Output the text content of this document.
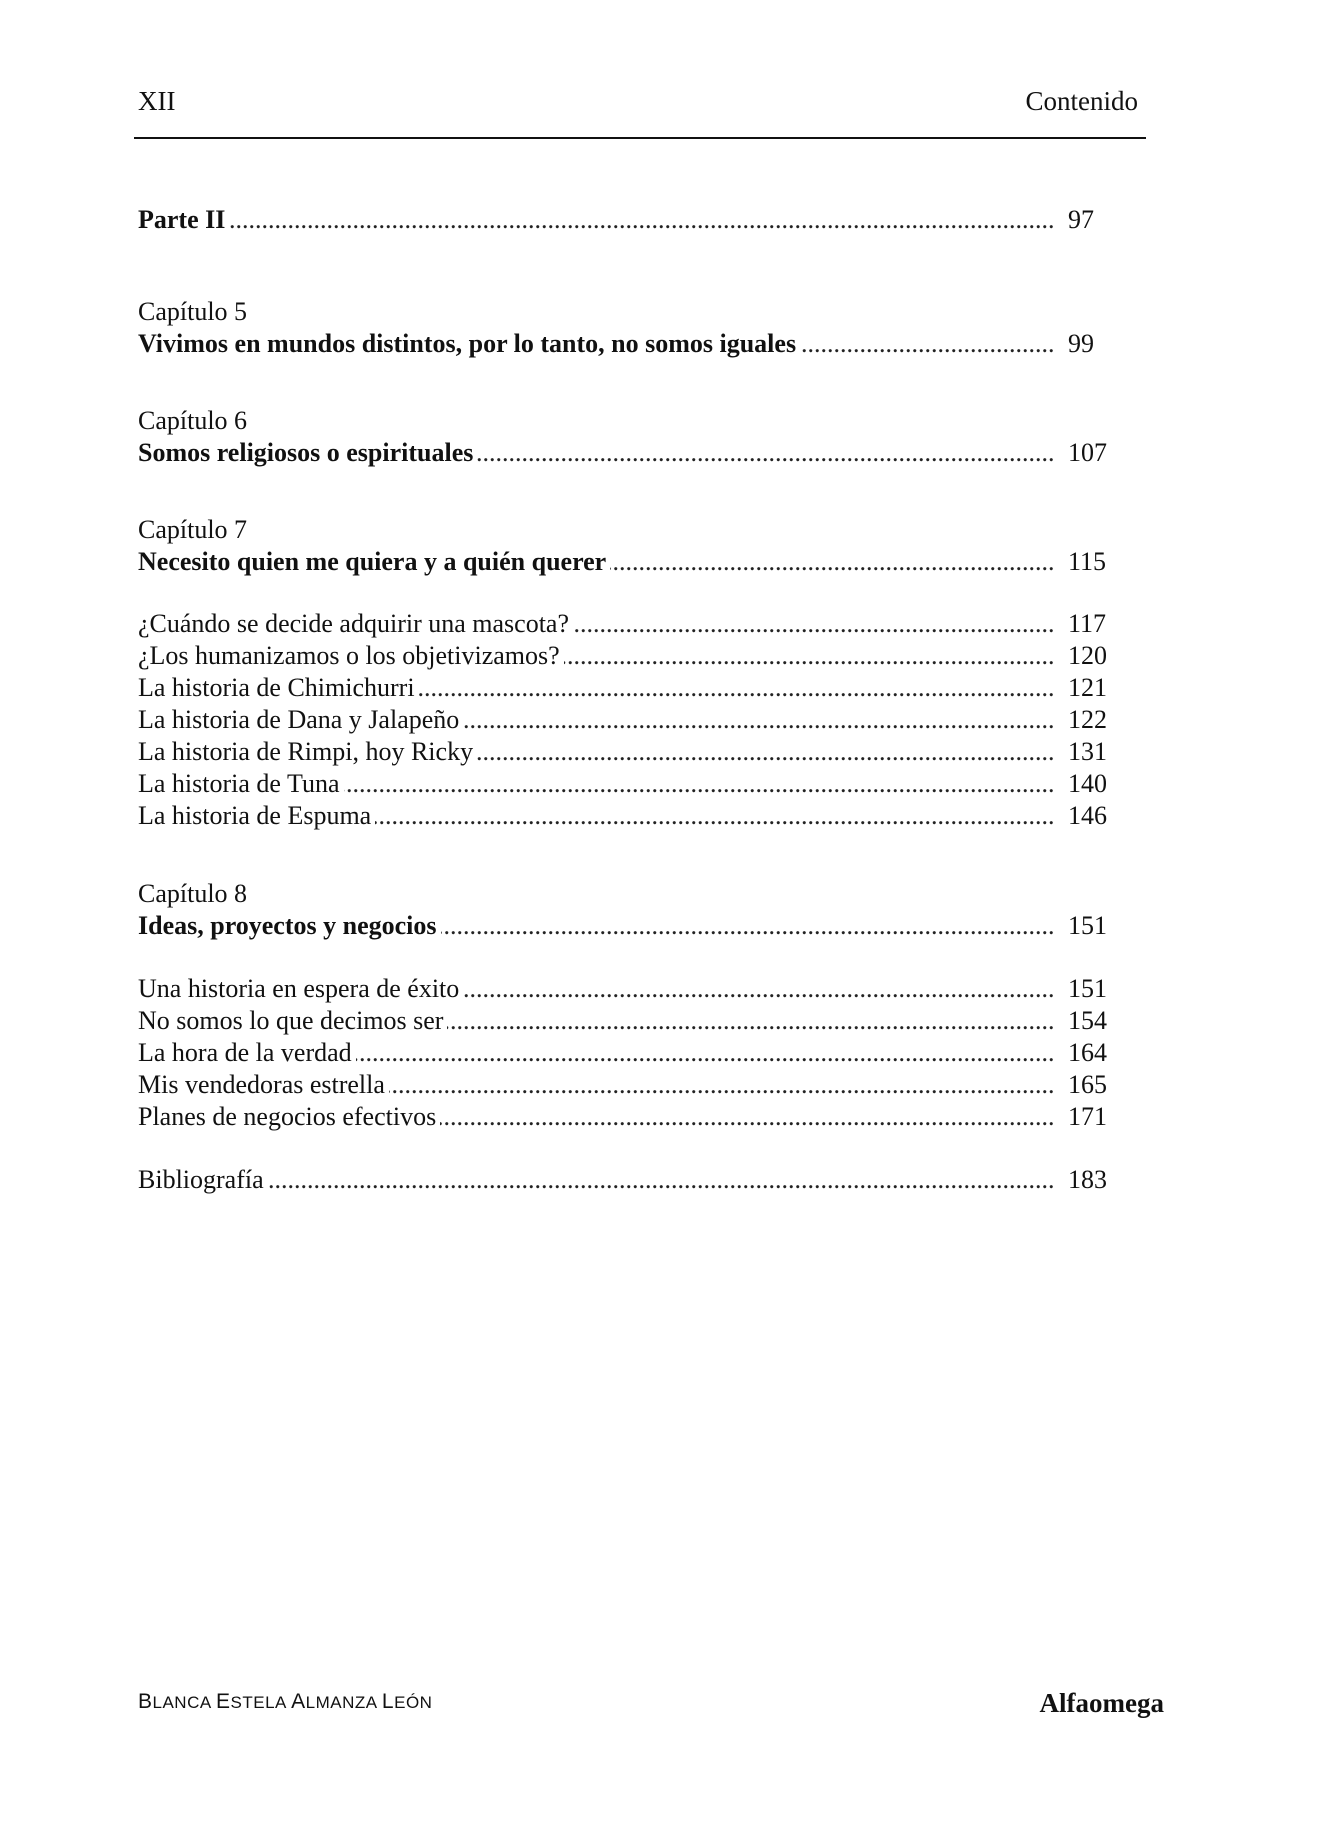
XII	Contenido
Parte II .....	97
Capítulo 5
Vivimos en mundos distintos, por lo tanto, no somos iguales .....	99
Capítulo 6
Somos religiosos o espirituales .....	107
Capítulo 7
Necesito quien me quiera y a quién querer .....	115
¿Cuándo se decide adquirir una mascota? .....	117
¿Los humanizamos o los objetivizamos? .....	120
La historia de Chimichurri .....	121
La historia de Dana y Jalapeño .....	122
La historia de Rimpi, hoy Ricky .....	131
La historia de Tuna .....	140
La historia de Espuma .....	146
Capítulo 8
Ideas, proyectos y negocios .....	151
Una historia en espera de éxito .....	151
No somos lo que decimos ser .....	154
La hora de la verdad .....	164
Mis vendedoras estrella .....	165
Planes de negocios efectivos .....	171
Bibliografía .....	183
BLANCA ESTELA ALMANZA LEÓN	Alfaomega
